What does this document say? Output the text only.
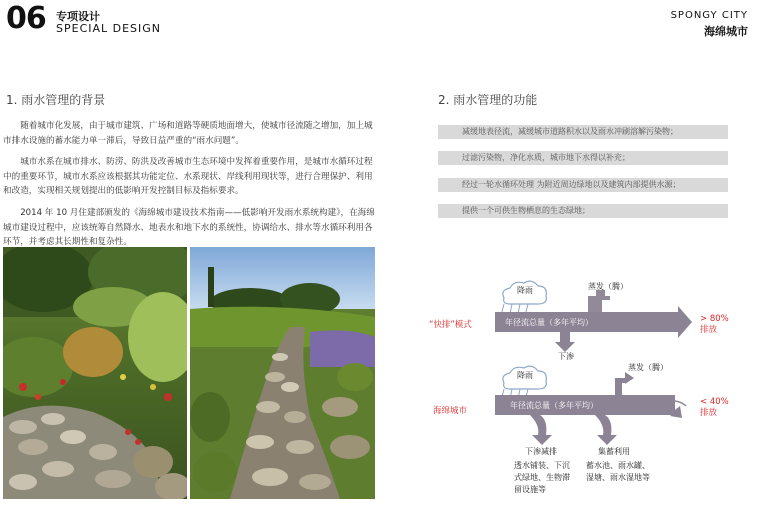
06 专项设计
SPECIAL DESIGN
SPONGY CITY
海绵城市
1. 雨水管理的背景

随着城市化发展，由于城市建筑、广场和道路等硬质地面增大，使城市径流随之增加，加上城市排水设施的蓄水能力单一滞后，导致日益严重的“雨水问题”。

城市水系在城市排水、防涝、防洪及改善城市生态环境中发挥着重要作用，是城市水循环过程中的重要环节，城市水系应该根据其功能定位、水系现状、岸线利用现状等，进行合理保护、利用和改造，实现相关规划提出的低影响开发控制目标及指标要求。

2014 年 10 月住建部颁发的《海绵城市建设技术指南——低影响开发雨水系统构建》，在海绵城市建设过程中，应该统筹自然降水、地表水和地下水的系统性，协调给水、排水等水循环利用各环节，并考虑其长期性和复杂性。

2. 雨水管理的功能
减缓地表径流，减缓城市道路积水以及雨水冲刷溶解污染物；
过滤污染物，净化水质，城市地下水得以补充；
经过一轮水循环处理 为附近周边绿地以及建筑内部提供水源；
提供一个可供生物栖息的生态绿地；
降雨	蒸发（腾）
年径流总量（多年平均）
下渗
“快排”模式
> 80%
排放
降雨
蒸发（腾）
年径流总量（多年平均）
海绵城市
< 40%
排放
下渗减排	集蓄利用
透水铺装、下沉
式绿地、生物滞
留设施等
蓄水池、雨水罐、
湿塘、雨水湿地等
